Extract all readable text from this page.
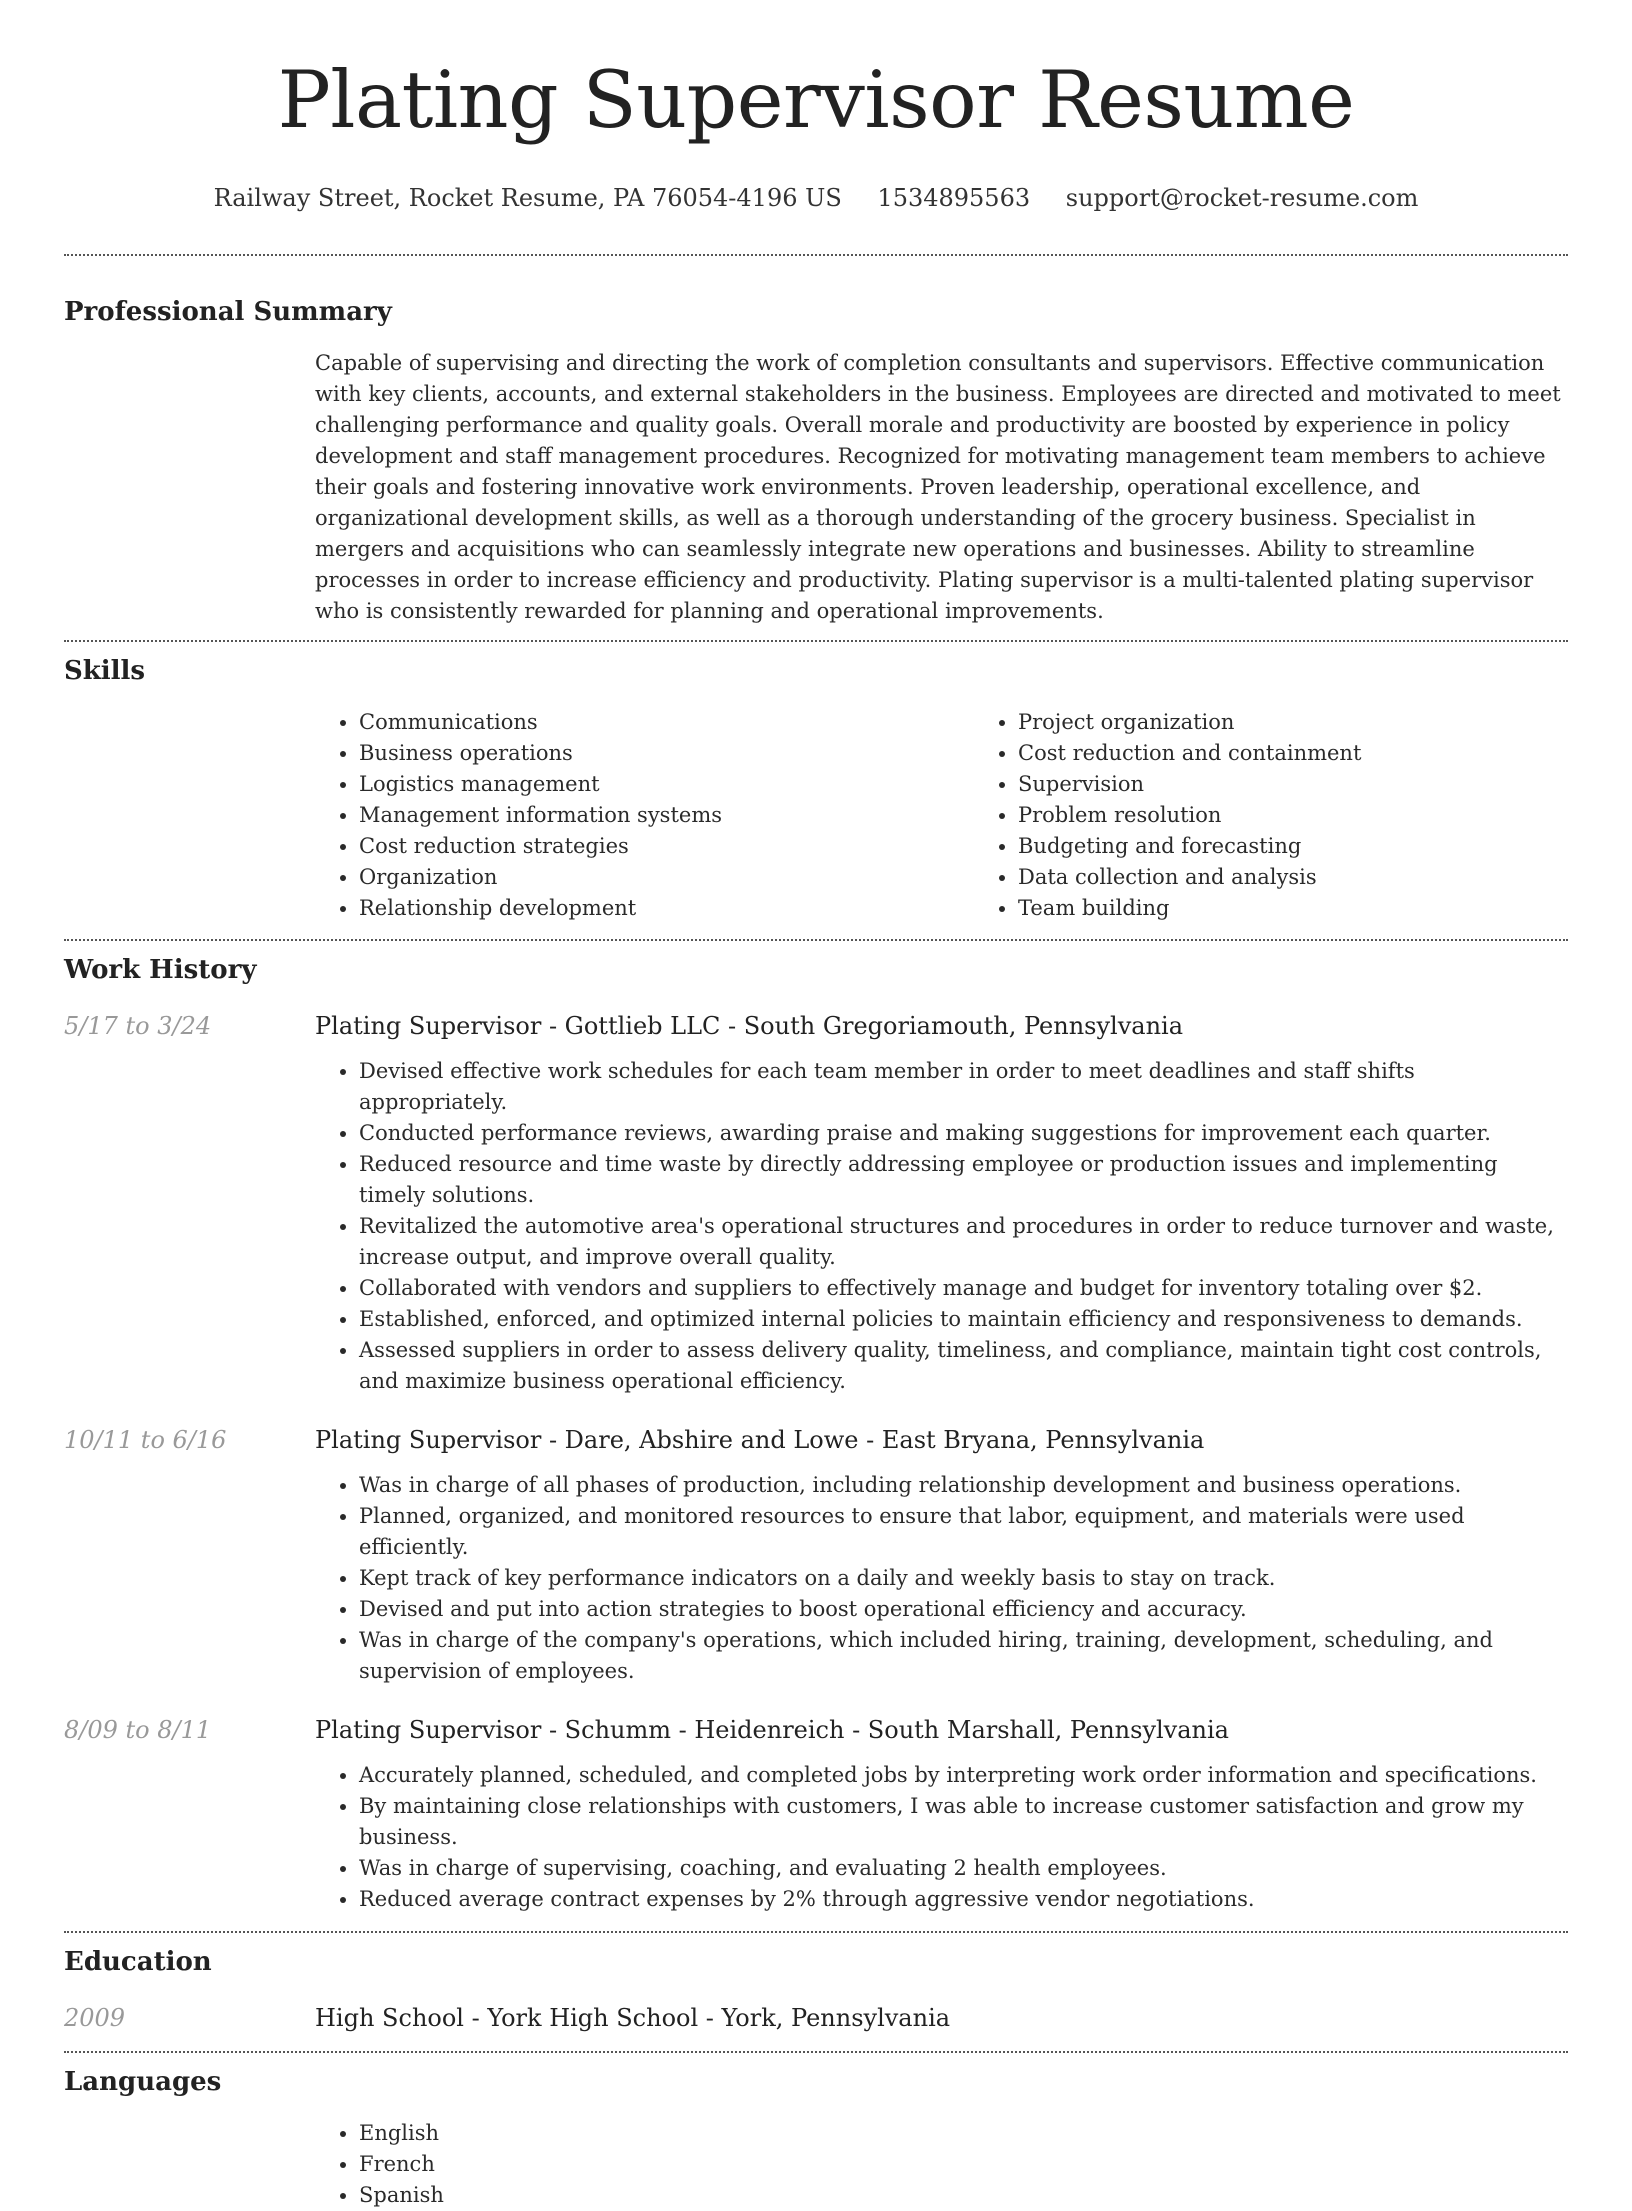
Plating Supervisor Resume
Railway Street, Rocket Resume, PA 76054-4196 US 1534895563 support@rocket-resume.com
Professional Summary

Capable of supervising and directing the work of completion consultants and supervisors. Effective communication with key clients, accounts, and external stakeholders in the business. Employees are directed and motivated to meet challenging performance and quality goals. Overall morale and productivity are boosted by experience in policy development and staff management procedures. Recognized for motivating management team members to achieve their goals and fostering innovative work environments. Proven leadership, operational excellence, and organizational development skills, as well as a thorough understanding of the grocery business. Specialist in mergers and acquisitions who can seamlessly integrate new operations and businesses. Ability to streamline processes in order to increase efficiency and productivity. Plating supervisor is a multi-talented plating supervisor who is consistently rewarded for planning and operational improvements.

Skills
• Communications
• Business operations
• Logistics management
• Management information systems
• Cost reduction strategies
• Organization
• Relationship development
• Project organization
• Cost reduction and containment
• Supervision
• Problem resolution
• Budgeting and forecasting
• Data collection and analysis
• Team building
Work History
5/17 to 3/24	Plating Supervisor - Gottlieb LLC - South Gregoriamouth, Pennsylvania
• Devised effective work schedules for each team member in order to meet deadlines and staff shifts appropriately.
• Conducted performance reviews, awarding praise and making suggestions for improvement each quarter.
• Reduced resource and time waste by directly addressing employee or production issues and implementing timely solutions.
• Revitalized the automotive area's operational structures and procedures in order to reduce turnover and waste, increase output, and improve overall quality.
• Collaborated with vendors and suppliers to effectively manage and budget for inventory totaling over $2.
• Established, enforced, and optimized internal policies to maintain efficiency and responsiveness to demands.
• Assessed suppliers in order to assess delivery quality, timeliness, and compliance, maintain tight cost controls, and maximize business operational efficiency.
10/11 to 6/16	Plating Supervisor - Dare, Abshire and Lowe - East Bryana, Pennsylvania
• Was in charge of all phases of production, including relationship development and business operations.
• Planned, organized, and monitored resources to ensure that labor, equipment, and materials were used efficiently.
• Kept track of key performance indicators on a daily and weekly basis to stay on track.
• Devised and put into action strategies to boost operational efficiency and accuracy.
• Was in charge of the company's operations, which included hiring, training, development, scheduling, and supervision of employees.
8/09 to 8/11	Plating Supervisor - Schumm - Heidenreich - South Marshall, Pennsylvania
• Accurately planned, scheduled, and completed jobs by interpreting work order information and specifications.
• By maintaining close relationships with customers, I was able to increase customer satisfaction and grow my business.
• Was in charge of supervising, coaching, and evaluating 2 health employees.
• Reduced average contract expenses by 2% through aggressive vendor negotiations.
Education
2009	High School - York High School - York, Pennsylvania
Languages
• English
• French
• Spanish
